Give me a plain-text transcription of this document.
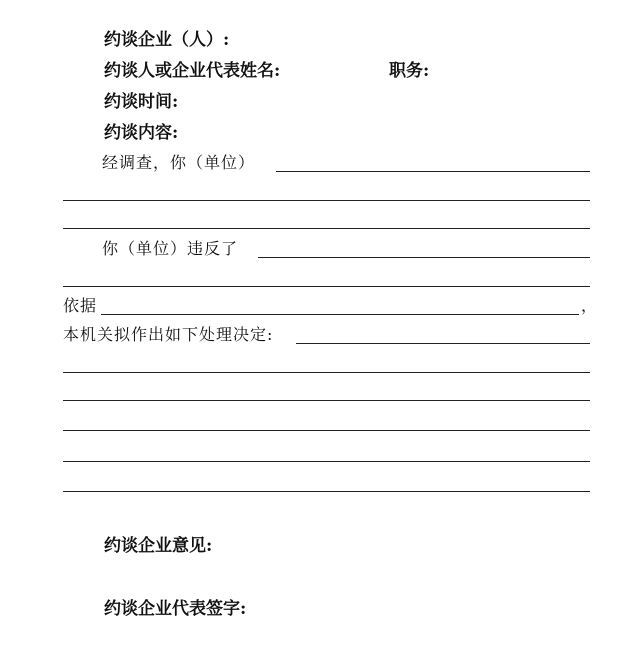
约谈企业（人）:
约谈人或企业代表姓名:	职务:
约谈时间:
约谈内容:
经调查，你（单位）
你（单位）违反了
依据	，
本机关拟作出如下处理决定:
约谈企业意见:
约谈企业代表签字:
